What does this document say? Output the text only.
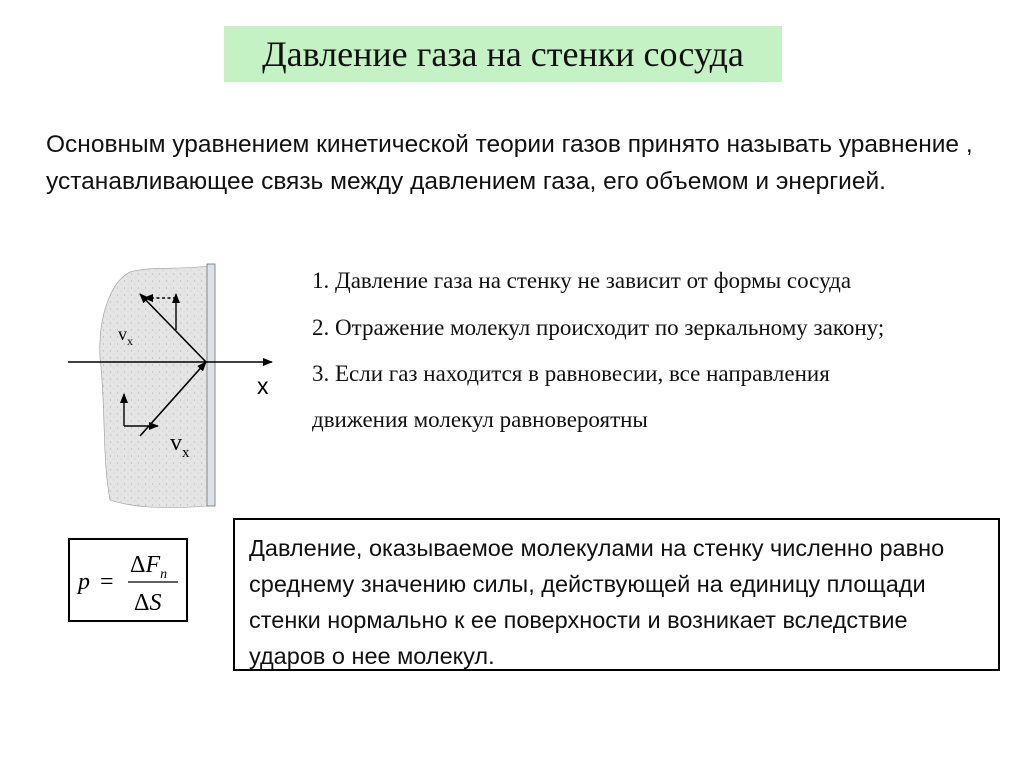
Давление газа на стенки сосуда
Основным уравнением кинетической теории газов принято называть уравнение , устанавливающее связь между давлением газа, его объемом и энергией.
$v_x$
$v_x$
x
1. Давление газа на стенку не зависит от формы сосуда
2. Отражение молекул происходит по зеркальному закону;
3. Если газ находится в равновесии, все направления
движения молекул равновероятны
p =
$\Delta F_n$
ΔS
Давление, оказываемое молекулами на стенку численно равно среднему значению силы, действующей на единицу площади стенки нормально к ее поверхности и возникает вследствие ударов о нее молекул.
